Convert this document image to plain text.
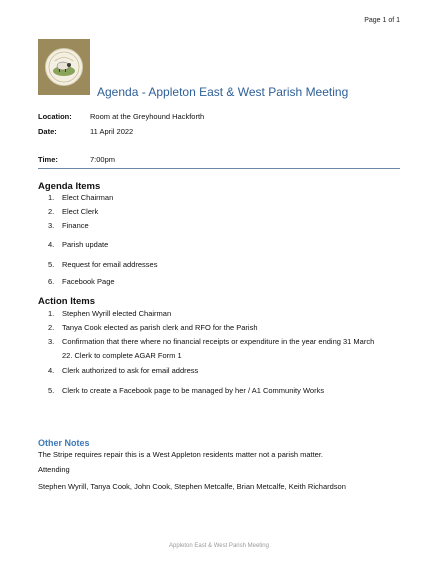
Page 1 of 1
Agenda - Appleton East & West Parish Meeting
Location: Room at the Greyhound Hackforth
Date:	11 April 2022
Time:	7:00pm
Agenda Items
1. Elect Chairman
2. Elect Clerk
3. Finance
4. Parish update
5. Request for email addresses
6. Facebook Page
Action Items
1. Stephen Wyrill elected Chairman
2. Tanya Cook elected as parish clerk and RFO for the Parish
3. Confirmation that there where no financial receipts or expenditure in the year ending 31 March
22. Clerk to complete AGAR Form 1
4. Clerk authorized to ask for email address
5. Clerk to create a Facebook page to be managed by her / A1 Community Works
Other Notes
The Stripe requires repair this is a West Appleton residents matter not a parish matter.
Attending
Stephen Wyrill, Tanya Cook, John Cook, Stephen Metcalfe, Brian Metcalfe, Keith Richardson
Appleton East & West Parish Meeting
